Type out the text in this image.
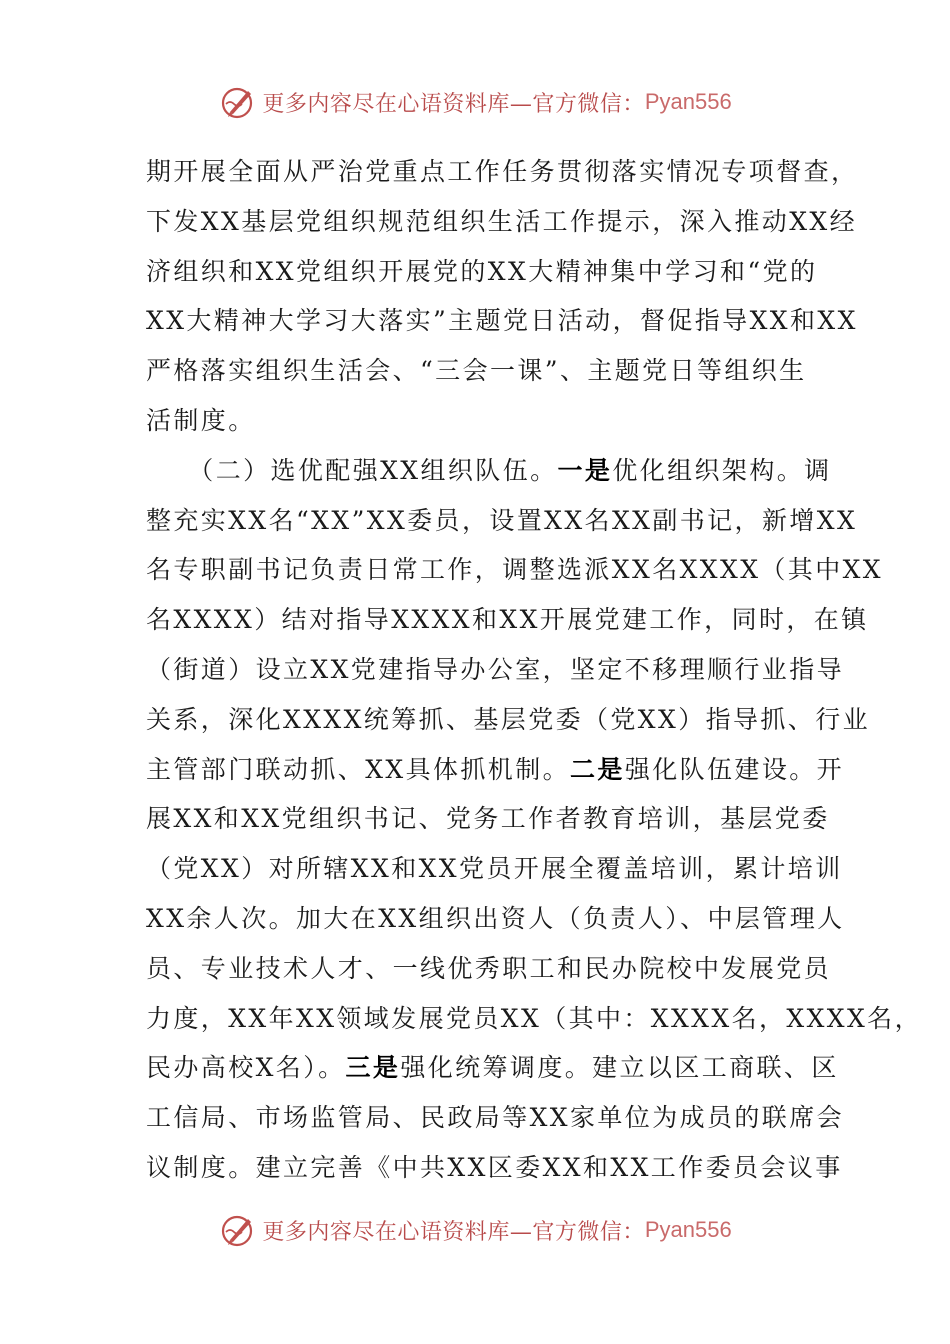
更多内容尽在心语资料库—官方微信： Pyan556
期开展全面从严治党重点工作任务贯彻落实情况专项督查，
下发XX基层党组织规范组织生活工作提示，深入推动XX经
济组织和XX党组织开展党的XX大精神集中学习和“党的
XX大精神大学习大落实”主题党日活动，督促指导XX和XX
严格落实组织生活会、“三会一课”、主题党日等组织生
活制度。
　　（二）选优配强XX组织队伍。一是优化组织架构。调
整充实XX名“XX”XX委员，设置XX名XX副书记，新增XX
名专职副书记负责日常工作，调整选派XX名XXXX（其中XX
名XXXX）结对指导XXXX和XX开展党建工作，同时，在镇
（街道）设立XX党建指导办公室，坚定不移理顺行业指导
关系，深化XXXX统筹抓、基层党委（党XX）指导抓、行业
主管部门联动抓、XX具体抓机制。二是强化队伍建设。开
展XX和XX党组织书记、党务工作者教育培训，基层党委
（党XX）对所辖XX和XX党员开展全覆盖培训，累计培训
XX余人次。加大在XX组织出资人（负责人）、中层管理人
员、专业技术人才、一线优秀职工和民办院校中发展党员
力度，XX年XX领域发展党员XX（其中：XXXX名，XXXX名，
民办高校X名）。三是强化统筹调度。建立以区工商联、区
工信局、市场监管局、民政局等XX家单位为成员的联席会
议制度。建立完善《中共XX区委XX和XX工作委员会议事
更多内容尽在心语资料库—官方微信： Pyan556
